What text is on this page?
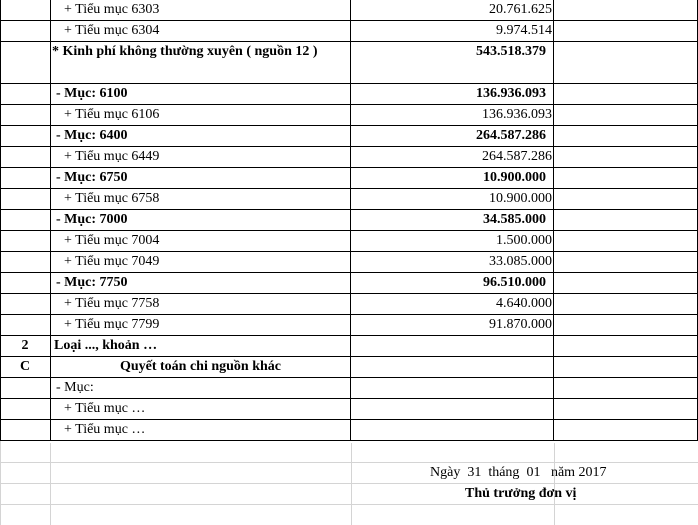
+ Tiểu mục 6303	20.761.625
+ Tiểu mục 6304	9.974.514
* Kinh phí không thường xuyên ( nguồn 12 )	543.518.379
- Mục: 6100	136.936.093
+ Tiểu mục 6106	136.936.093
- Mục: 6400	264.587.286
+ Tiểu mục 6449	264.587.286
- Mục: 6750	10.900.000
+ Tiểu mục 6758	10.900.000
- Mục: 7000	34.585.000
+ Tiểu mục 7004	1.500.000
+ Tiểu mục 7049	33.085.000
- Mục: 7750	96.510.000
+ Tiểu mục 7758	4.640.000
+ Tiểu mục 7799	91.870.000
2	Loại ..., khoản …
C	Quyết toán chi nguồn khác
- Mục:
+ Tiểu mục …
+ Tiểu mục …
Ngày 31 tháng 01 năm 2017
Thủ trưởng đơn vị
